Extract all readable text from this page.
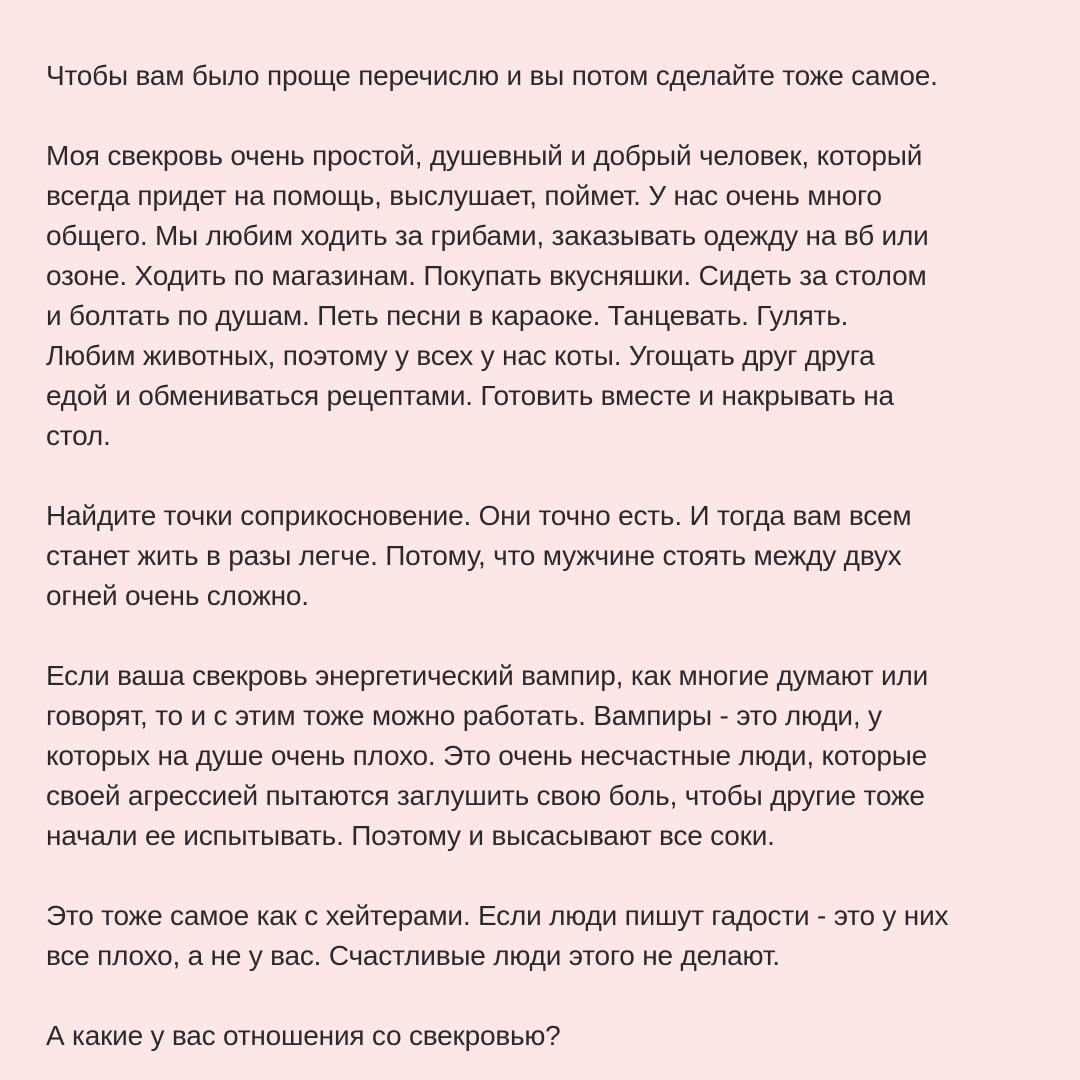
Чтобы вам было проще перечислю и вы потом сделайте тоже самое.

Моя свекровь очень простой, душевный и добрый человек, который
всегда придет на помощь, выслушает, поймет. У нас очень много
общего. Мы любим ходить за грибами, заказывать одежду на вб или
озоне. Ходить по магазинам. Покупать вкусняшки. Сидеть за столом
и болтать по душам. Петь песни в караоке. Танцевать. Гулять.
Любим животных, поэтому у всех у нас коты. Угощать друг друга
едой и обмениваться рецептами. Готовить вместе и накрывать на
стол.

Найдите точки соприкосновение. Они точно есть. И тогда вам всем
станет жить в разы легче. Потому, что мужчине стоять между двух
огней очень сложно.

Если ваша свекровь энергетический вампир, как многие думают или
говорят, то и с этим тоже можно работать. Вампиры - это люди, у
которых на душе очень плохо. Это очень несчастные люди, которые
своей агрессией пытаются заглушить свою боль, чтобы другие тоже
начали ее испытывать. Поэтому и высасывают все соки.

Это тоже самое как с хейтерами. Если люди пишут гадости - это у них
все плохо, а не у вас. Счастливые люди этого не делают.

А какие у вас отношения со свекровью?
